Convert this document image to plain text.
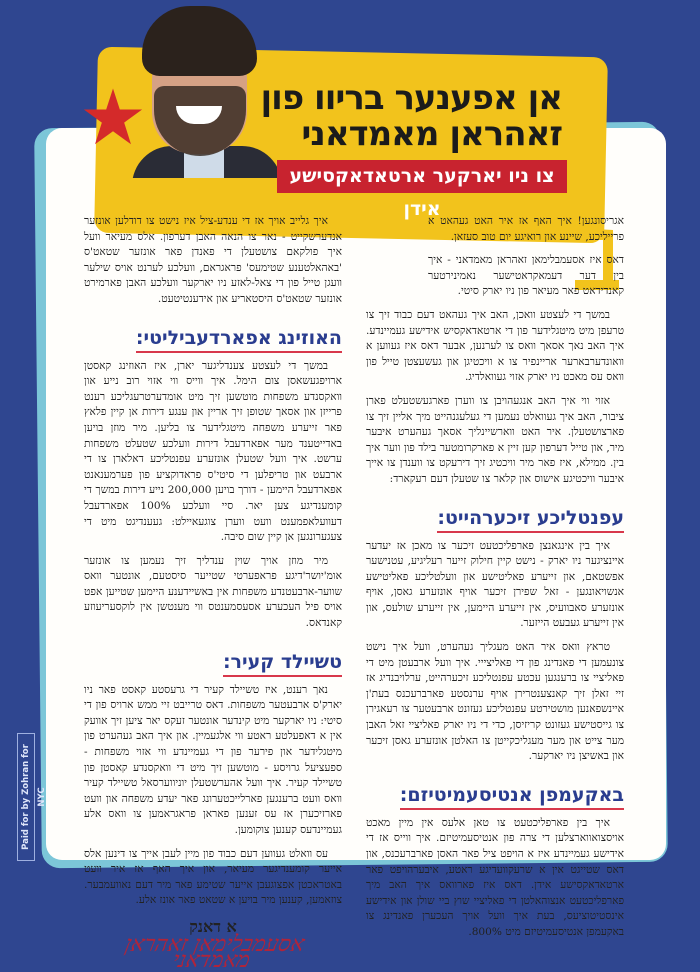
אן אפענער בריוו פון
זאהראן מאמדאני
צו ניו יארקער ארטאדאקסישע אידן

אגריסונגען! איך האף אז איר האט געהאט א פרייליכע, שיינע און רואיגע יום טוב סעזאן.

דאס איז אסעמבלימאן זאהראן מאמדאני - איך בין דער דעמאקראטישער נאמינירטער קאנדידאט פאר מעיאר פון ניו יארק סיטי.

במשך די לעצטע וואכן, האב איך געהאט דעם כבוד זיך צו טרעפן מיט מיטגלידער פון די ארטאדאקסיש אידישע געמיינדע. איך האב נאך אסאך וואס צו לערנען, אבער דאס איז געווען א וואונדערבארער אריינפיר צו א וויכטיגן און געשעצטן טייל פון וואס עס מאכט ניו יארק אזוי געוואלדיג.

אזוי ווי איך האב אנגעהויבן צו ווערן פארגעשטעלט פארן ציבור, האב איך געוואלט נעמען די געלעגנהייט מיך אליין זיך צו פארצושטעלן. איר האט ווארשיינליך אסאך געהערט איבער מיר, און טייל דערפון קען זיין א פארקרומטער בילד פון ווער איך בין. ממילא, איז פאר מיר וויכטיג זיך דירעקט צו ווענדן צו אייך איבער וויכטיגע אישוס און קלאר צו שטעלן דעם רעקארד:

עפנטליכע זיכערהייט:

איך בין אינגאנצן פארפליכטעט זיכער צו מאכן אז יעדער איינציגער ניו יארק - נישט קיין חילוק זייער רעליגיע, עטנישער אפשטאם, און זייערע פאליטישע און וועלטליכע פאליטישע אנשויאונגען - זאל שפירן זיכער אויף אונזערע גאסן, אויף אונזערע סאבוועיס, אין זייערע היימען, אין זייערע שולעס, און אין זייערע געבעט הייזער.

טראץ וואס איר האט מעגליך געהערט, וועל איך נישט צונעמען די פאנדינג פון די פאליצייי. איך וועל ארבעטן מיט די פאליציי צו ברענגען עכטע עפנטליכע זיכערהייט, ערלויבנדיג אז זיי זאלן זיך קאנצענטרירן אויף ערנסטע פארברעכנס בעת'ן איינשפאנען מושטירטע עפנטליכע געזונט ארבעטער צו רעאגירן צו גייסטישע געזונט קריזיסן, כדי די ניו יארק פאליציי זאל האבן מער צייט און מער מעגליכקייטן צו האלטן אונזערע גאסן זיכער און באשיצן ניו יארקער.

באקעמפן אנטיסעמיטיזם:

איך בין פארפליכטעט צו טאן אלעס אין מיין מאכט אויסצואווארצלען די צרה פון אנטיסעמיטיזם. איך ווייס אז די אידישע געמיינדע איז א הויפט ציל פאר האסן פארברעכנס, און דאס שטייגט אין א שרעקוועדיגע ראטע, איבערהויפט פאר ארטאדאקסישע אידן. דאס איז פארוואס איך האב מיך פארפליכטעט אנצוהאלטן די פאליציי שוץ ביי שולן און אידישע אינסטיטוציעס, בעת איך וועל אויך העכערן פאנדינג צו באקעמפן אנטיסעמיטיזם מיט 800%.

איך גלייב אויך אז די ענדע-ציל איז נישט צו דודלען אונזער אנדערשקייט - נאר צו הנאה האבן דערפון. אלס מעיאר וועל איך פולקאם צושטעלן די פאנדן פאר אונזער שטאט'ס 'באהאלטענע שטימעס' פראגראם, וועלכע לערנט אויס שילער וועגן טייל פון די צאל-לאזע ניו יארקער וועלכע האבן פארמירט אונזער שטאט'ס היסטאריע און אידענטיטעט.

האוזינג אפארדעביליטי:

במשך די לעצטע צענדליגער יארן, איז האוזינג קאסטן ארויפגעשאסן צום הימל. איך ווייס ווי אזוי רוב נייע און וואקסנדע משפחות מוטשען זיך מיט אומדערטרעגליכע רענט פרייזן און אסאך שטופן זיך אריין און ענגע דירות אן קיין פלאץ פאר זייערע משפחה מיטגלידער צו בליען. מיר מוזן בויען באדייטענד מער אפארדעבל דירות וועלכע שטעלט משפחות ערשט. איך וועל שטעלן אונזערע עפנטליכע דאלארן צו די ארבעט און טריפלען די סיטי'ס פראדוקציע פון פערמענאנט אפארדעבל היימען - דורך בויען 200,000 נייע דירות במשך די קומענדיגע צען יאר. סיי וועלכע 100% אפארדעבל דעוועלאפמענט וועט ווערן צוגעאיילט: געענדיגט מיט די צעגערונגען אן קיין שום סיבה.

מיר מוזן אויך שוין ענדליך זיך נעמען צו אונזער אומ'יושר'דיגע פראפערטי שטייער סיסטעם, אונטער וואס שווער-ארבעטנדע משפחות אין באשיידענע היימען שטייען אפט אויס פיל העכערע אסעסמענטס ווי מענטשן אין לוקסעריעוזע קאנדאס.

טשיילד קעיר:

נאך רענט, איז טשיילד קעיר די גרעסטע קאסט פאר ניו יארק'ס ארבעטער משפחות. דאס טרייבט זיי ממש ארויס פון די סיטי: ניו יארקער מיט קינדער אונטער זעקס יאר ציען זיך אוועק אין א דאפעלטע ראטע ווי אלגעמיין. און איך האב געהערט פון מיטגלידער און פירער פון די געמיינדע ווי אזוי משפחות - ספעציעל גרויסע - מוטשען זיך מיט די וואקסנדע קאסטן פון טשיילד קעיר. איך וועל אהערשטעלן יוניווערסאל טשיילד קעיר וואס וועט ברענגען פארלייכטערונג פאר יעדע משפחה און וועט פארזיכערן אז עס זענען פאראן פראגראמען צו וואס אלע געמיינדעס קענען צוקומען.

עס וואלט געווען דעם כבוד פון מיין לעבן אייך צו דינען אלס אייער קומענדיגער מעיאר, און איך האף אז איר וועט באטראכטן אפצוגעבן אייער שטימע פאר מיר דעם נאוועמבער. צוזאמען, קענען מיר בויען א שטאט פאר אונז אלע.

א דאנק
אסעמבלימאן זאהראן מאמדאני
Paid for by Zohran for NYC
